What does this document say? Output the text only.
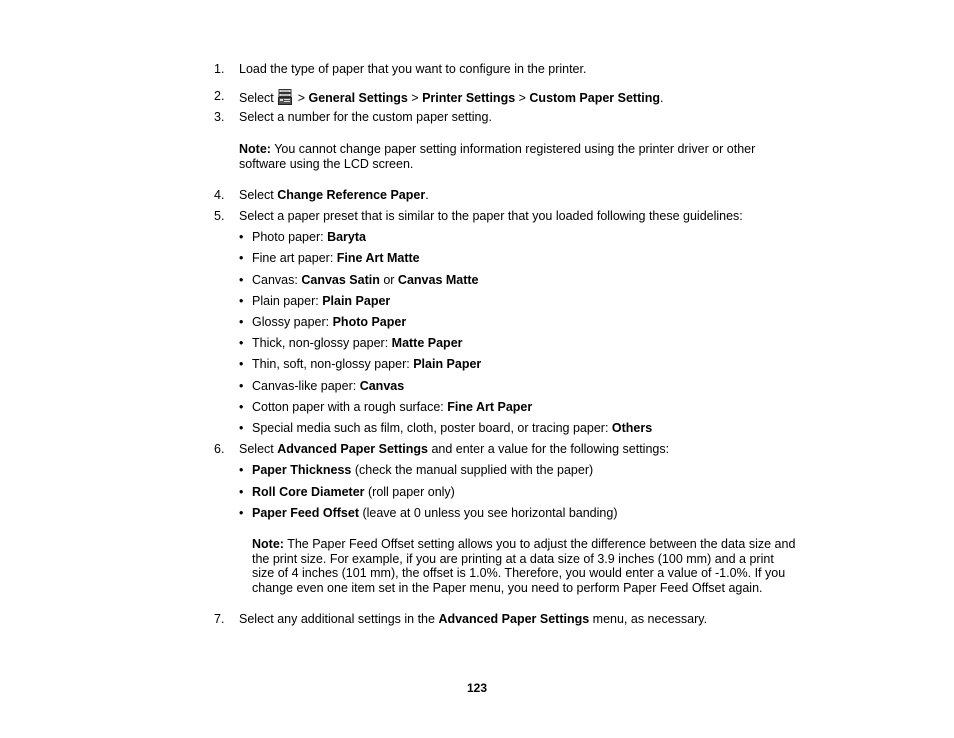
1. Load the type of paper that you want to configure in the printer.
2. Select  > General Settings > Printer Settings > Custom Paper Setting.
3. Select a number for the custom paper setting.
Note: You cannot change paper setting information registered using the printer driver or other
software using the LCD screen.
4. Select Change Reference Paper.
5. Select a paper preset that is similar to the paper that you loaded following these guidelines:
• Photo paper: Baryta
• Fine art paper: Fine Art Matte
• Canvas: Canvas Satin or Canvas Matte
• Plain paper: Plain Paper
• Glossy paper: Photo Paper
• Thick, non-glossy paper: Matte Paper
• Thin, soft, non-glossy paper: Plain Paper
• Canvas-like paper: Canvas
• Cotton paper with a rough surface: Fine Art Paper
• Special media such as film, cloth, poster board, or tracing paper: Others
6. Select Advanced Paper Settings and enter a value for the following settings:
• Paper Thickness (check the manual supplied with the paper)
• Roll Core Diameter (roll paper only)
• Paper Feed Offset (leave at 0 unless you see horizontal banding)
Note: The Paper Feed Offset setting allows you to adjust the difference between the data size and
the print size. For example, if you are printing at a data size of 3.9 inches (100 mm) and a print
size of 4 inches (101 mm), the offset is 1.0%. Therefore, you would enter a value of -1.0%. If you
change even one item set in the Paper menu, you need to perform Paper Feed Offset again.
7. Select any additional settings in the Advanced Paper Settings menu, as necessary.
123
